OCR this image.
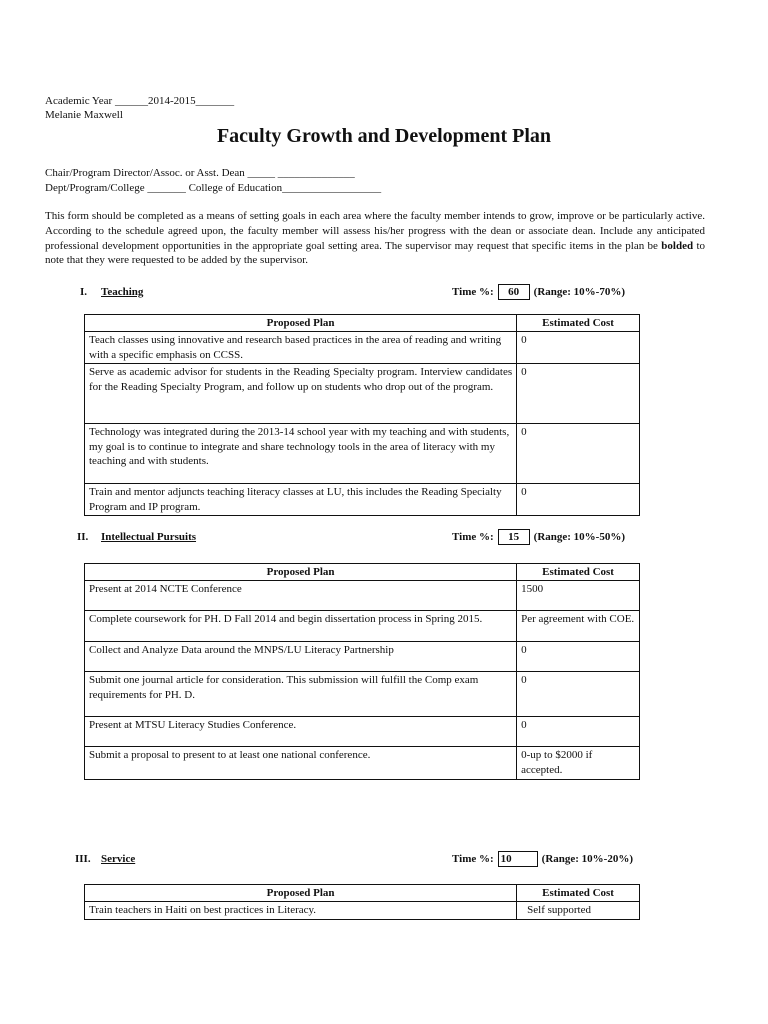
Academic Year ______2014-2015_______
Melanie Maxwell
Faculty Growth and Development Plan
Chair/Program Director/Assoc. or Asst. Dean _____ ______________
Dept/Program/College _______ College of Education__________________
This form should be completed as a means of setting goals in each area where the faculty member intends to grow, improve or be particularly active. According to the schedule agreed upon, the faculty member will assess his/her progress with the dean or associate dean. Include any anticipated professional development opportunities in the appropriate goal setting area. The supervisor may request that specific items in the plan be bolded to note that they were requested to be added by the supervisor.
I. Teaching	Time %: 60 (Range: 10%-70%)
Proposed Plan	Estimated Cost
Teach classes using innovative and research based practices in the area of reading and writing with a specific emphasis on CCSS.	0
Serve as academic advisor for students in the Reading Specialty program. Interview candidates for the Reading Specialty Program, and follow up on students who drop out of the program.	0
Technology was integrated during the 2013-14 school year with my teaching and with students, my goal is to continue to integrate and share technology tools in the area of literacy with my teaching and with students.	0
Train and mentor adjuncts teaching literacy classes at LU, this includes the Reading Specialty Program and IP program.	0
II. Intellectual Pursuits	Time %: 15 (Range: 10%-50%)
Proposed Plan	Estimated Cost
Present at 2014 NCTE Conference	1500
Complete coursework for PH. D Fall 2014 and begin dissertation process in Spring 2015.	Per agreement with COE.
Collect and Analyze Data around the MNPS/LU Literacy Partnership	0
Submit one journal article for consideration. This submission will fulfill the Comp exam requirements for PH. D.	0
Present at MTSU Literacy Studies Conference.	0
Submit a proposal to present to at least one national conference.	0-up to $2000 if accepted.
III. Service	Time %: 10	(Range: 10%-20%)
Proposed Plan	Estimated Cost
Train teachers in Haiti on best practices in Literacy.	Self supported
